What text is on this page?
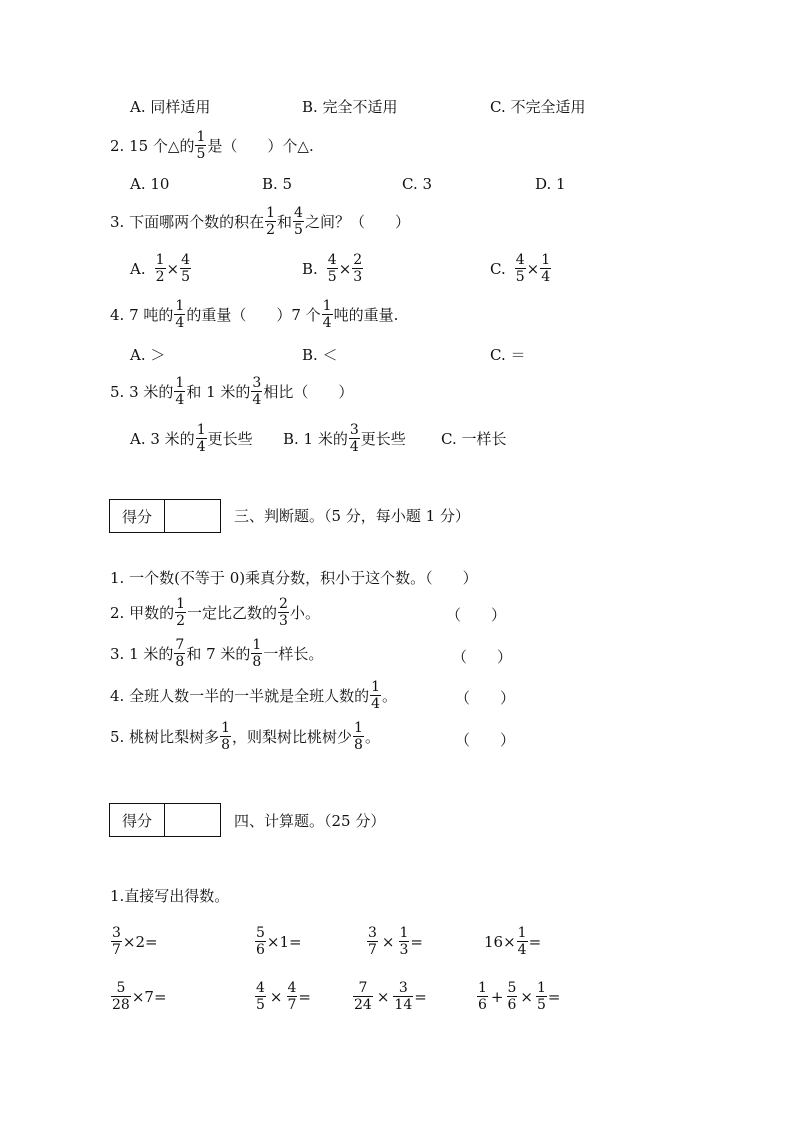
A. 同样适用	B. 完全不适用	C. 不完全适用
2. 15 个△的 $\frac{1}{5}$ 是（　　）个△.
A. 10	B. 5	C. 3	D. 1
3. 下面哪两个数的积在 $\frac{1}{2}$ 和 $\frac{4}{5}$ 之间？（　　）
A. $\frac{1}{2} \times \frac{4}{5}$	B. $\frac{4}{5} \times \frac{2}{3}$	C. $\frac{4}{5} \times \frac{1}{4}$
4. 7 吨的 $\frac{1}{4}$ 的重量（　　）7 个 $\frac{1}{4}$ 吨的重量.
A. ＞	B. ＜	C. ＝
5. 3 米的 $\frac{1}{4}$ 和 1 米的 $\frac{3}{4}$ 相比（　　）
A. 3 米的 $\frac{1}{4}$ 更长些 B. 1 米的 $\frac{3}{4}$ 更长些 C. 一样长
得分	三、判断题。（5 分，每小题 1 分）
1. 一个数(不等于 0)乘真分数，积小于这个数。（　　）
2. 甲数的 $\frac{1}{2}$ 一定比乙数的 $\frac{2}{3}$ 小。	（　　）
3. 1 米的 $\frac{7}{8}$ 和 7 米的 $\frac{1}{8}$ 一样长。	（　　）
4. 全班人数一半的一半就是全班人数的 $\frac{1}{4}$ 。	（　　）
5. 桃树比梨树多 $\frac{1}{8}$ ，则梨树比桃树少 $\frac{1}{8}$ 。	（　　）
得分	四、计算题。（25 分）
1.直接写出得数。
$\frac{3}{7} \times 2=$	$\frac{5}{6} \times 1=$	$\frac{3}{7} \times \frac{1}{3}$ =	$16\times \frac{1}{4}$ =
$\frac{5}{28} \times 7=$	$\frac{4}{5} \times \frac{4}{7}$ =	$\frac{7}{24} \times \frac{3}{14}$ =	$\frac{1}{6} + \frac{5}{6} \times \frac{1}{5}$ =
